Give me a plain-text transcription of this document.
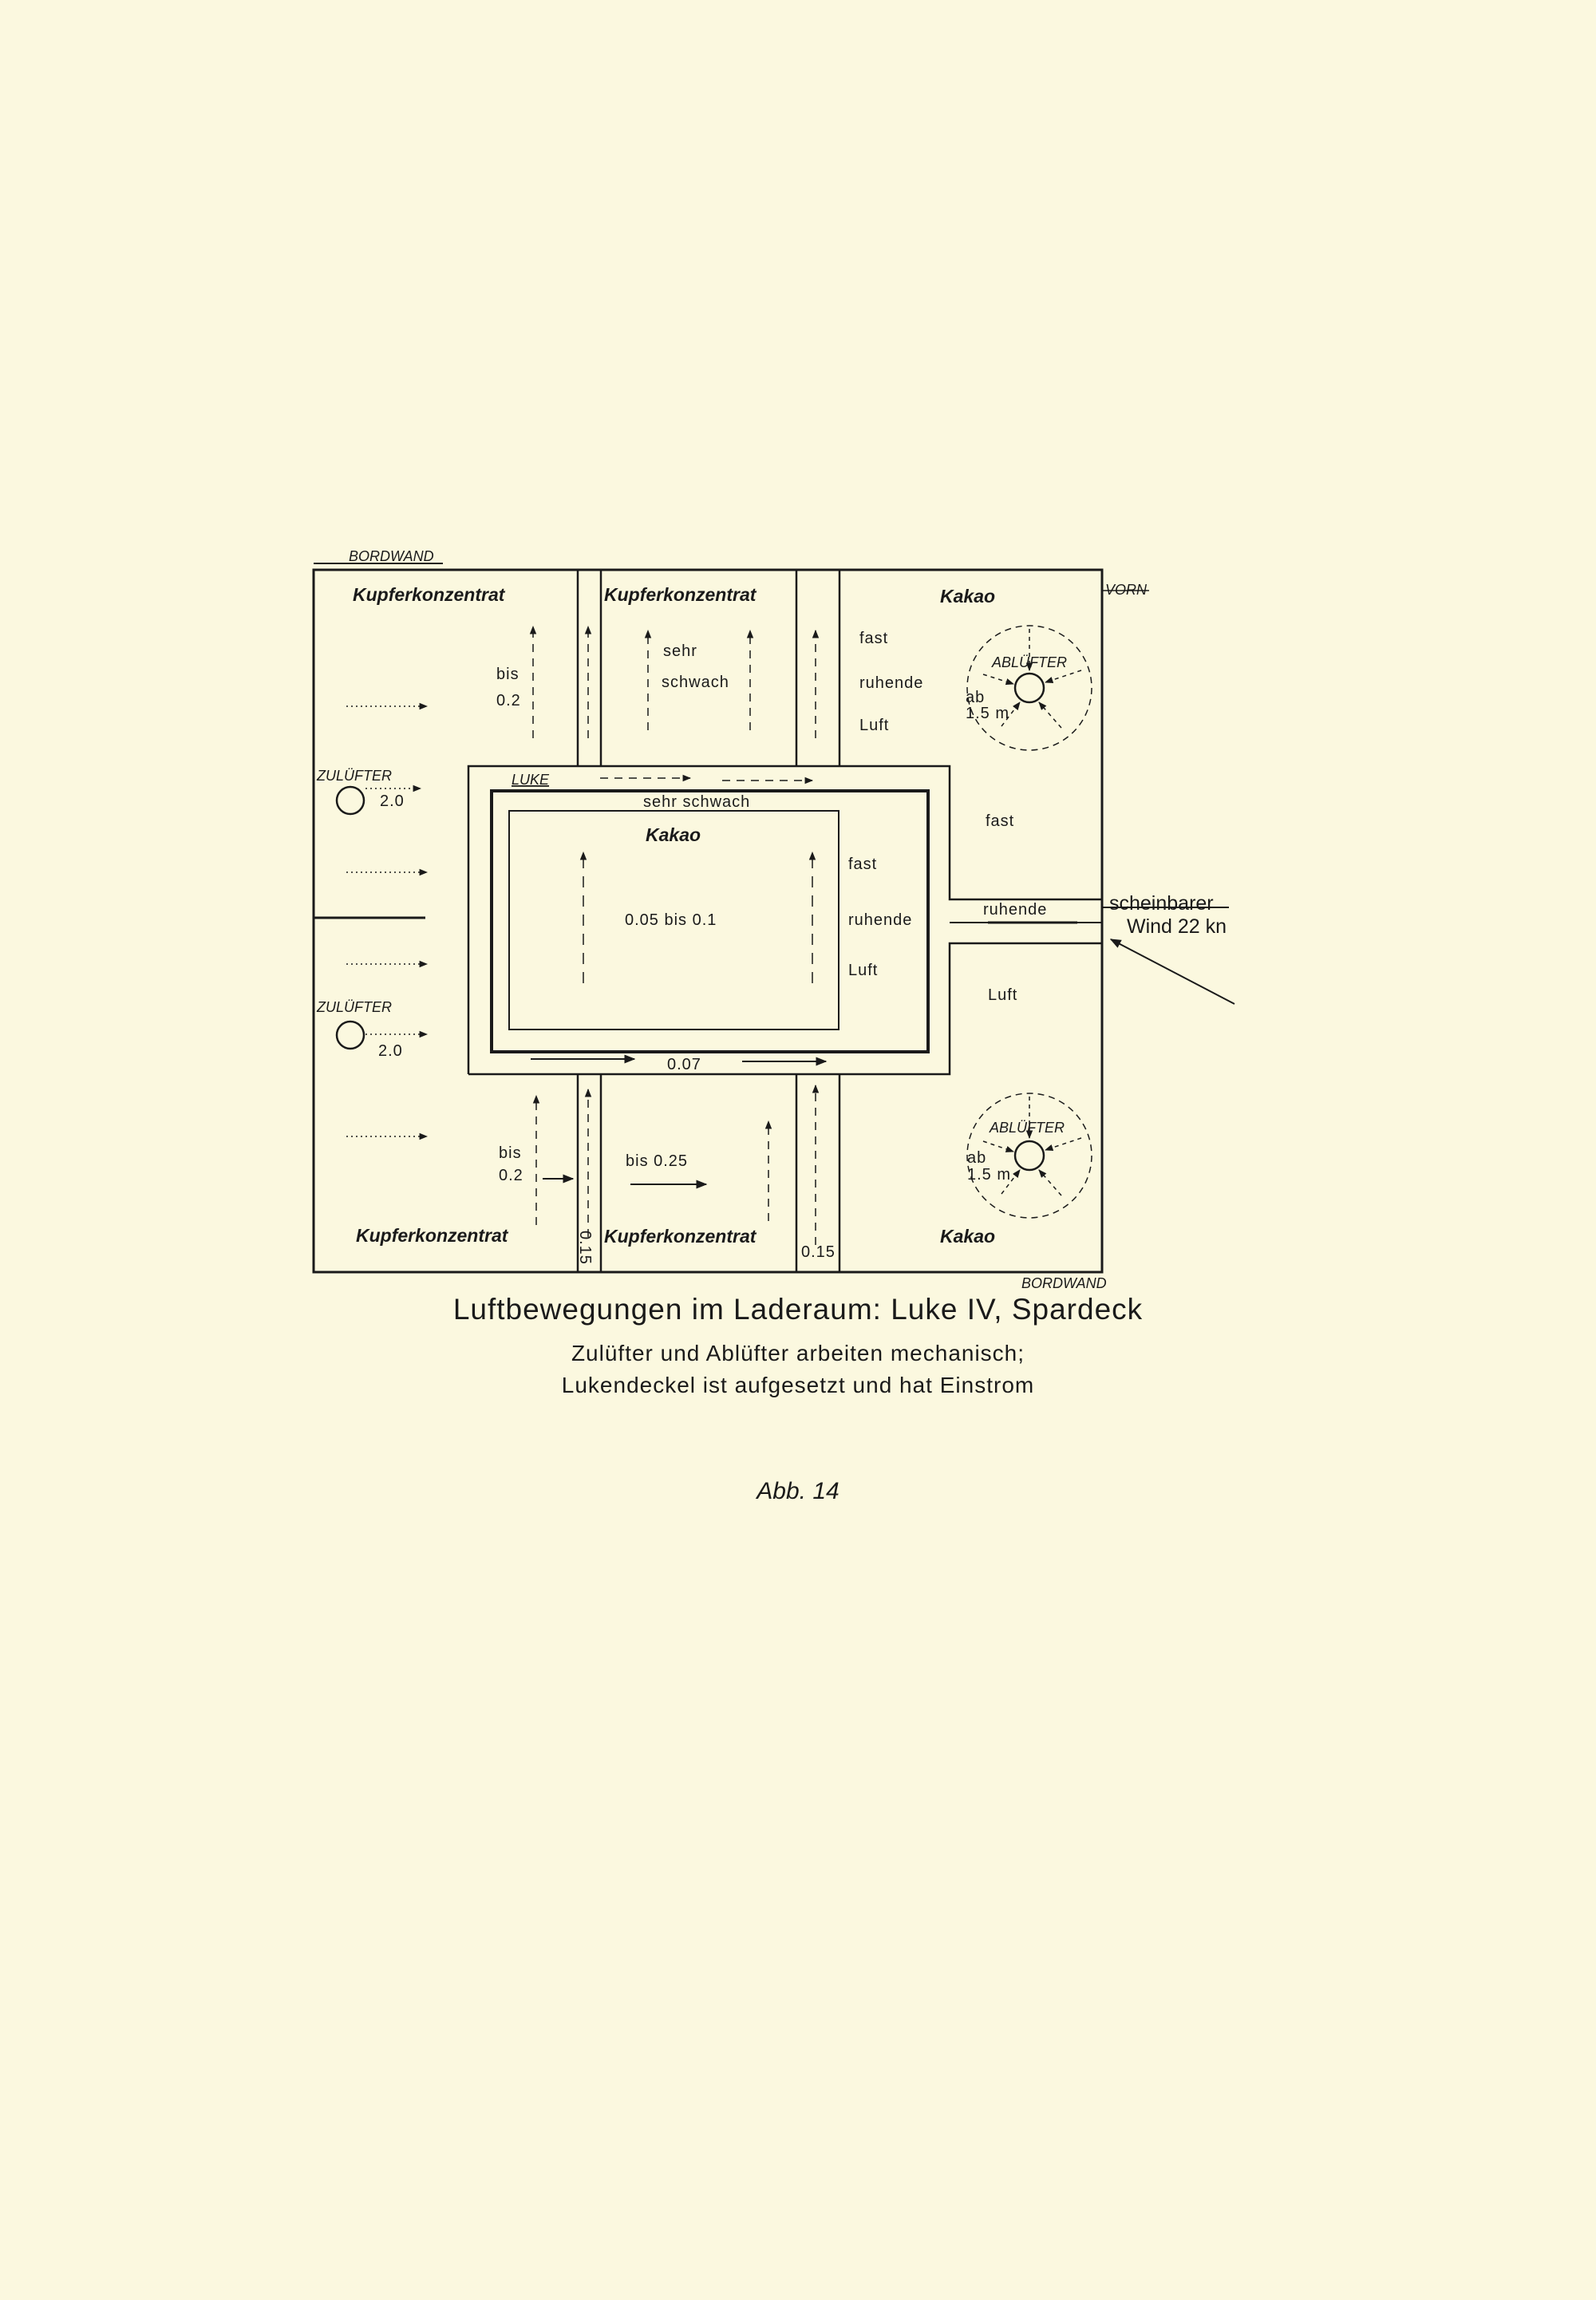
BORDWAND
VORN
BORDWAND
Kupferkonzentrat	Kupferkonzentrat	Kakao
Kakao
Kupferkonzentrat	Kupferkonzentrat	Kakao
bis
0.2
sehr
schwach
fast
ruhende
Luft
ABLÜFTER
ab
1.5 m
ZULÜFTER
2.0
ZULÜFTER
2.0
LUKE
sehr schwach
0.05 bis 0.1
fast
ruhende
Luft
fast
ruhende
Luft
scheinbarer
Wind 22 kn
0.07
bis
0.2
bis 0.25
0.15
0.15
ABLÜFTER
ab
1.5 m
Luftbewegungen im Laderaum: Luke IV, Spardeck
Zulüfter und Ablüfter arbeiten mechanisch;
Lukendeckel ist aufgesetzt und hat Einstrom
Abb. 14
